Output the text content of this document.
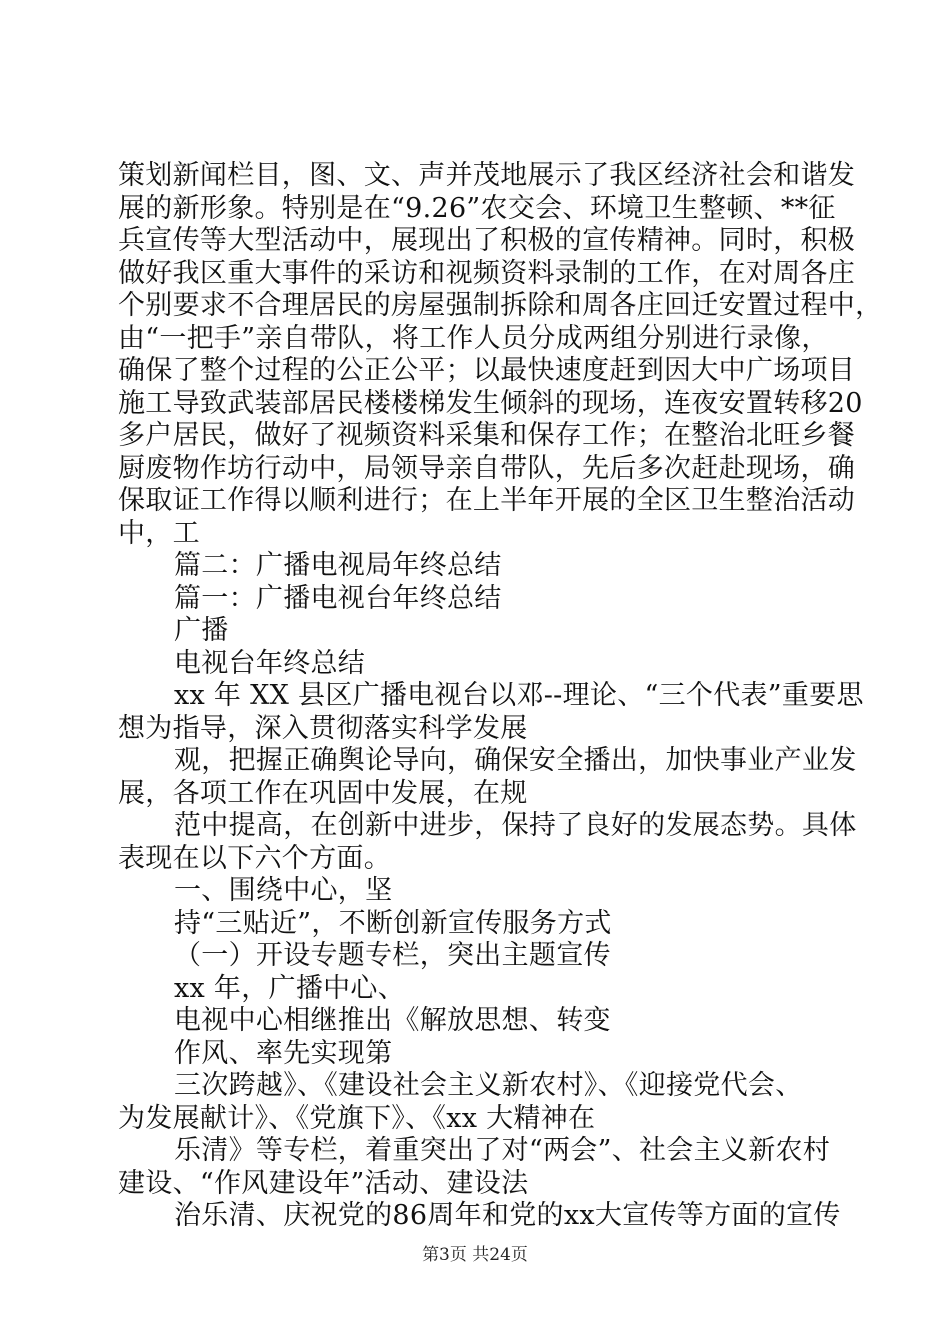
策划新闻栏目，图、文、声并茂地展示了我区经济社会和谐发
展的新形象。特别是在“9.26”农交会、环境卫生整顿、**征
兵宣传等大型活动中，展现出了积极的宣传精神。同时，积极
做好我区重大事件的采访和视频资料录制的工作，在对周各庄
个别要求不合理居民的房屋强制拆除和周各庄回迁安置过程中，
由“一把手”亲自带队，将工作人员分成两组分别进行录像，
确保了整个过程的公正公平；以最快速度赶到因大中广场项目
施工导致武装部居民楼楼梯发生倾斜的现场，连夜安置转移20
多户居民，做好了视频资料采集和保存工作；在整治北旺乡餐
厨废物作坊行动中，局领导亲自带队，先后多次赶赴现场，确
保取证工作得以顺利进行；在上半年开展的全区卫生整治活动
中，工
篇二：广播电视局年终总结
篇一：广播电视台年终总结
广播
电视台年终总结
xx 年 XX 县区广播电视台以邓--理论、“三个代表”重要思
想为指导，深入贯彻落实科学发展
观，把握正确舆论导向，确保安全播出，加快事业产业发
展，各项工作在巩固中发展，在规
范中提高，在创新中进步，保持了良好的发展态势。具体
表现在以下六个方面。
一、围绕中心，坚
持“三贴近”，不断创新宣传服务方式
（一）开设专题专栏，突出主题宣传
xx 年，广播中心、
电视中心相继推出《解放思想、转变
作风、率先实现第
三次跨越》、《建设社会主义新农村》、《迎接党代会、
为发展献计》、《党旗下》、《xx 大精神在
乐清》等专栏，着重突出了对“两会”、社会主义新农村
建设、“作风建设年”活动、建设法
治乐清、庆祝党的86周年和党的xx大宣传等方面的宣传
第3页 共24页
